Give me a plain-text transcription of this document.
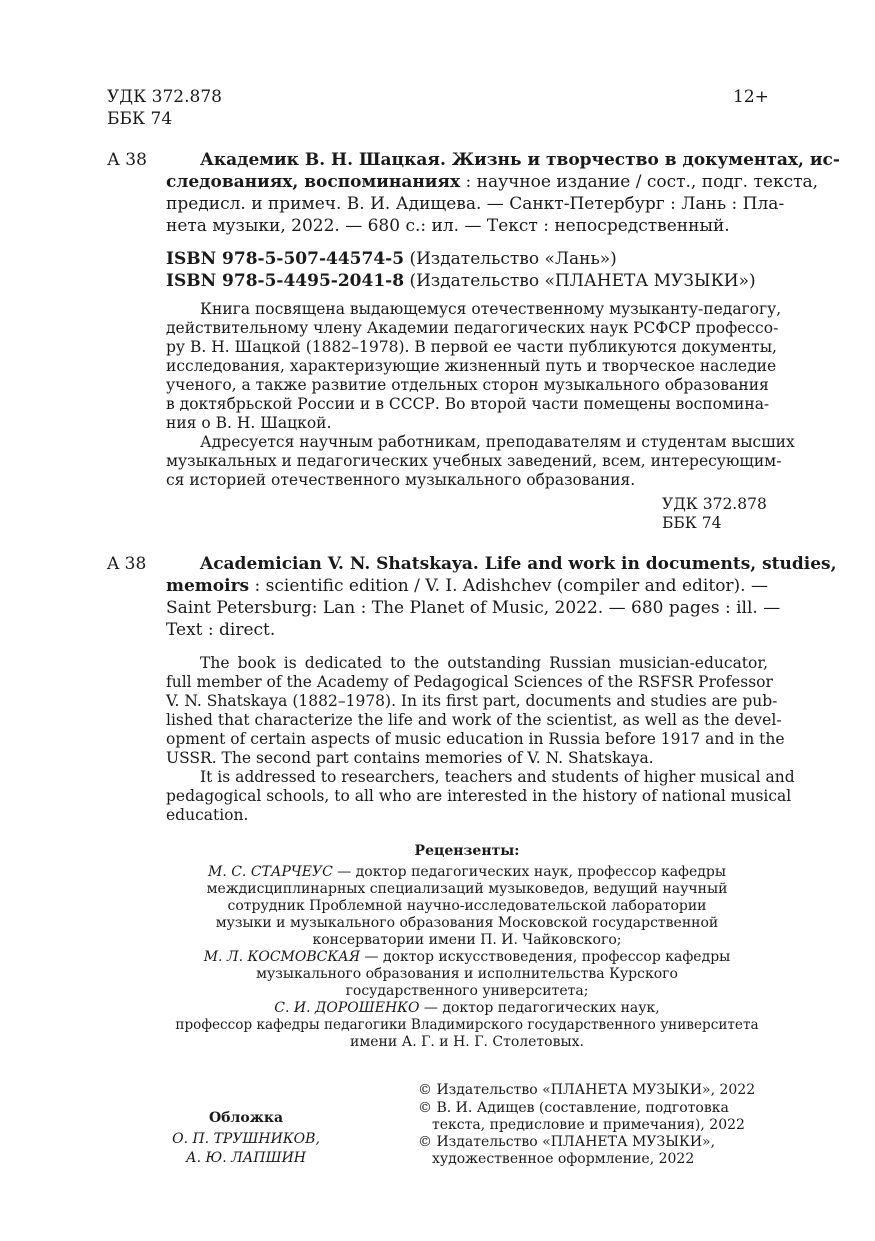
УДК 372.878
ББК 74
12+
А 38	Академик В. Н. Шацкая. Жизнь и творчество в документах, ис-
следованиях, воспоминаниях : научное издание / сост., подг. текста,
предисл. и примеч. В. И. Адищева. — Санкт-Петербург : Лань : Пла-
нета музыки, 2022. — 680 с.: ил. — Текст : непосредственный.
ISBN 978-5-507-44574-5 (Издательство «Лань»)
ISBN 978-5-4495-2041-8 (Издательство «ПЛАНЕТА МУЗЫКИ»)
Книга посвящена выдающемуся отечественному музыканту-педагогу,
действительному члену Академии педагогических наук РСФСР профессо-
ру В. Н. Шацкой (1882–1978). В первой ее части публикуются документы,
исследования, характеризующие жизненный путь и творческое наследие
ученого, а также развитие отдельных сторон музыкального образования
в доктябрьской России и в СССР. Во второй части помещены воспомина-
ния о В. Н. Шацкой.
Адресуется научным работникам, преподавателям и студентам высших
музыкальных и педагогических учебных заведений, всем, интересующим-
ся историей отечественного музыкального образования.
УДК 372.878
ББК 74
A 38	Academician V. N. Shatskaya. Life and work in documents, studies,
memoirs : scientific edition / V. I. Adishchev (compiler and editor). —
Saint Petersburg: Lan : The Planet of Music, 2022. — 680 pages : ill. —
Text : direct.
The book is dedicated to the outstanding Russian musician-educator,
full member of the Academy of Pedagogical Sciences of the RSFSR Professor
V. N. Shatskaya (1882–1978). In its first part, documents and studies are pub-
lished that characterize the life and work of the scientist, as well as the devel-
opment of certain aspects of music education in Russia before 1917 and in the
USSR. The second part contains memories of V. N. Shatskaya.
It is addressed to researchers, teachers and students of higher musical and
pedagogical schools, to all who are interested in the history of national musical
education.
Рецензенты:
М. С. СТАРЧЕУС — доктор педагогических наук, профессор кафедры
междисциплинарных специализаций музыковедов, ведущий научный
сотрудник Проблемной научно-исследовательской лаборатории
музыки и музыкального образования Московской государственной
консерватории имени П. И. Чайковского;
М. Л. КОСМОВСКАЯ — доктор искусствоведения, профессор кафедры
музыкального образования и исполнительства Курского
государственного университета;
С. И. ДОРОШЕНКО — доктор педагогических наук,
профессор кафедры педагогики Владимирского государственного университета
имени А. Г. и Н. Г. Столетовых.
Обложка
О. П. ТРУШНИКОВ,
А. Ю. ЛАПШИН
© Издательство «ПЛАНЕТА МУЗЫКИ», 2022
© В. И. Адищев (составление, подготовка
текста, предисловие и примечания), 2022
© Издательство «ПЛАНЕТА МУЗЫКИ»,
художественное оформление, 2022
